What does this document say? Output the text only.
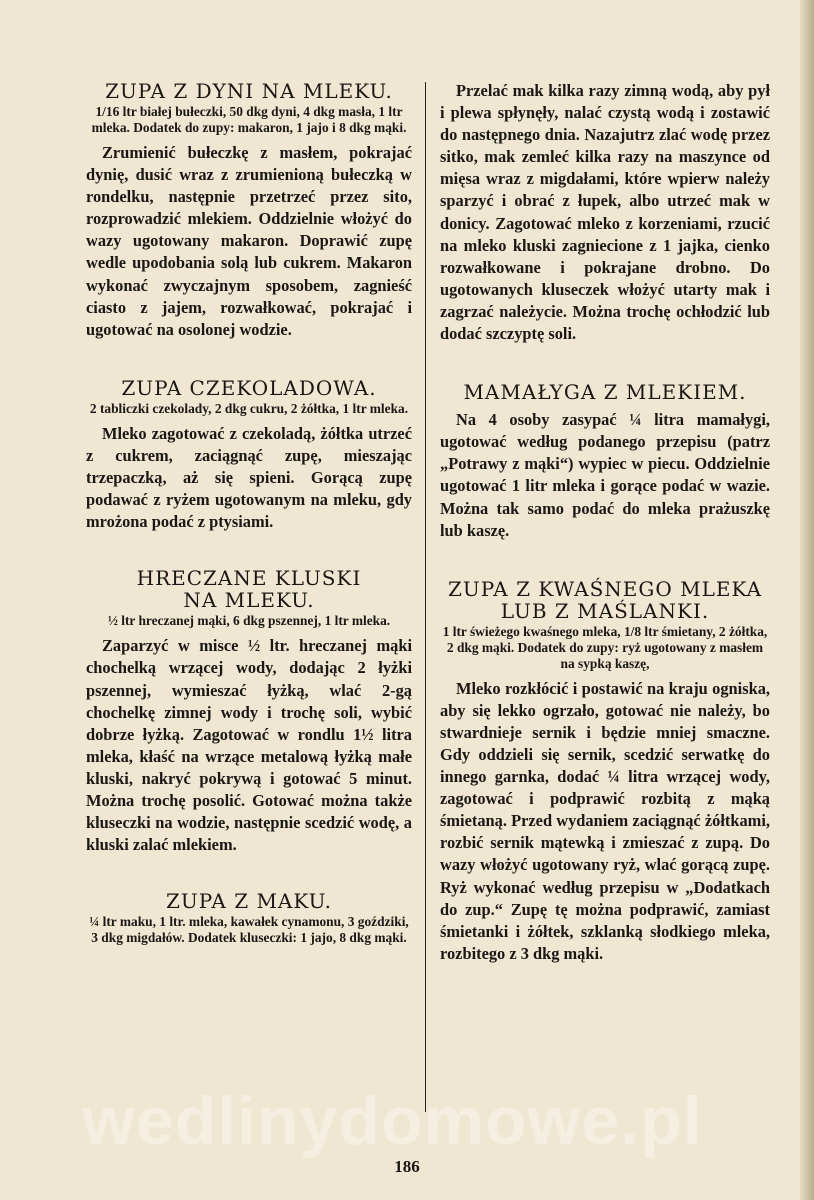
ZUPA Z DYNI NA MLEKU.

1/16 ltr białej bułeczki, 50 dkg dyni, 4 dkg masła, 1 ltr mleka. Dodatek do zupy: makaron, 1 jajo i 8 dkg mąki.

Zrumienić bułeczkę z masłem, pokrajać dynię, dusić wraz z zrumienioną bułeczką w rondelku, następnie przetrzeć przez sito, rozprowadzić mlekiem. Oddzielnie włożyć do wazy ugotowany makaron. Doprawić zupę wedle upodobania solą lub cukrem. Makaron wykonać zwyczajnym sposobem, zagnieść ciasto z jajem, rozwałkować, pokrajać i ugotować na osolonej wodzie.

ZUPA CZEKOLADOWA.

2 tabliczki czekolady, 2 dkg cukru, 2 żółtka, 1 ltr mleka.

Mleko zagotować z czekoladą, żółtka utrzeć z cukrem, zaciągnąć zupę, mieszając trzepaczką, aż się spieni. Gorącą zupę podawać z ryżem ugotowanym na mleku, gdy mrożona podać z ptysiami.

HRECZANE KLUSKI
NA MLEKU.

½ ltr hreczanej mąki, 6 dkg pszennej, 1 ltr mleka.

Zaparzyć w misce ½ ltr. hreczanej mąki chochelką wrzącej wody, dodając 2 łyżki pszennej, wymieszać łyżką, wlać 2-gą chochelkę zimnej wody i trochę soli, wybić dobrze łyżką. Zagotować w rondlu 1½ litra mleka, kłaść na wrzące metalową łyżką małe kluski, nakryć pokrywą i gotować 5 minut. Można trochę posolić. Gotować można także kluseczki na wodzie, następnie scedzić wodę, a kluski zalać mlekiem.

ZUPA Z MAKU.

¼ ltr maku, 1 ltr. mleka, kawałek cynamonu, 3 goździki, 3 dkg migdałów. Dodatek kluseczki: 1 jajo, 8 dkg mąki.

Przelać mak kilka razy zimną wodą, aby pył i plewa spłynęły, nalać czystą wodą i zostawić do następnego dnia. Nazajutrz zlać wodę przez sitko, mak zemleć kilka razy na maszynce od mięsa wraz z migdałami, które wpierw należy sparzyć i obrać z łupek, albo utrzeć mak w donicy. Zagotować mleko z korzeniami, rzucić na mleko kluski zagniecione z 1 jajka, cienko rozwałkowane i pokrajane drobno. Do ugotowanych kluseczek włożyć utarty mak i zagrzać należycie. Można trochę ochłodzić lub dodać szczyptę soli.

MAMAŁYGA Z MLEKIEM.

Na 4 osoby zasypać ¼ litra mamałygi, ugotować według podanego przepisu (patrz „Potrawy z mąki“) wypiec w piecu. Oddzielnie ugotować 1 litr mleka i gorące podać w wazie. Można tak samo podać do mleka prażuszkę lub kaszę.

ZUPA Z KWAŚNEGO MLEKA
LUB Z MAŚLANKI.

1 ltr świeżego kwaśnego mleka, 1/8 ltr śmietany, 2 żółtka, 2 dkg mąki. Dodatek do zupy: ryż ugotowany z masłem na sypką kaszę,

Mleko rozkłócić i postawić na kraju ogniska, aby się lekko ogrzało, gotować nie należy, bo stwardnieje sernik i będzie mniej smaczne. Gdy oddzieli się sernik, scedzić serwatkę do innego garnka, dodać ¼ litra wrzącej wody, zagotować i podprawić rozbitą z mąką śmietaną. Przed wydaniem zaciągnąć żółtkami, rozbić sernik mątewką i zmieszać z zupą. Do wazy włożyć ugotowany ryż, wlać gorącą zupę. Ryż wykonać według przepisu w „Dodatkach do zup.“ Zupę tę można podprawić, zamiast śmietanki i żółtek, szklanką słodkiego mleka, rozbitego z 3 dkg mąki.

wedlinydomowe.pl
186
